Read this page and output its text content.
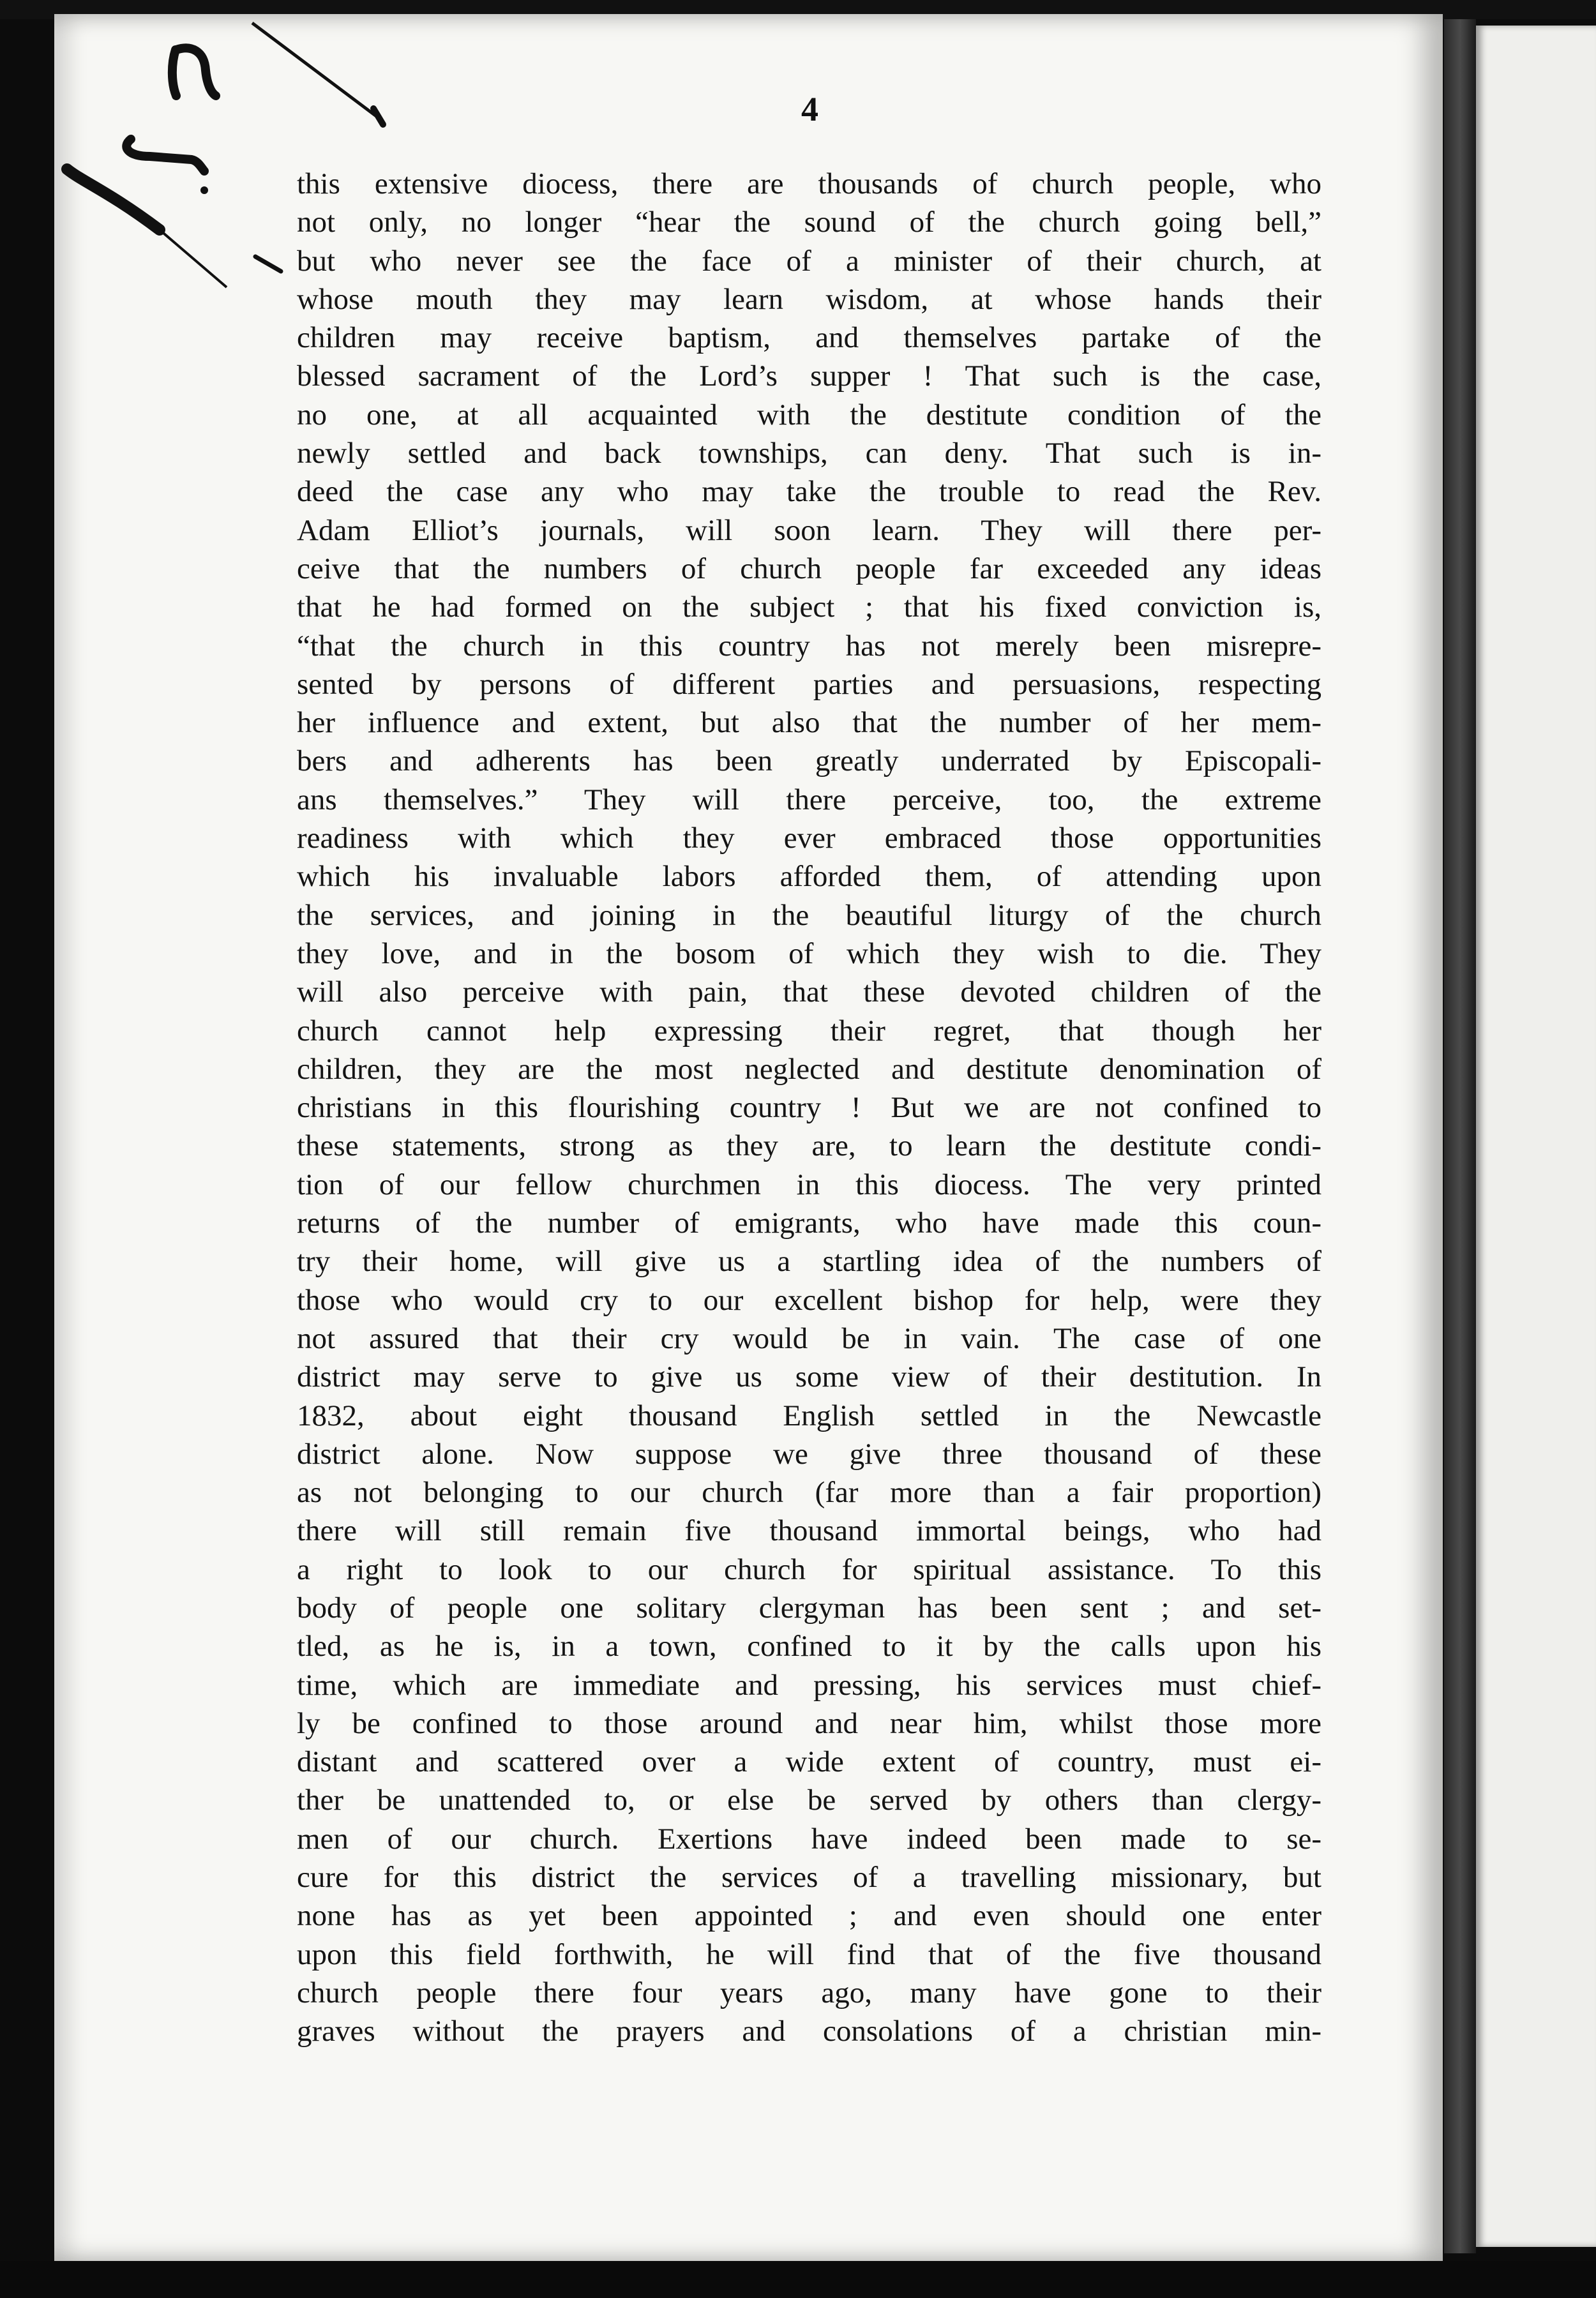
4
this extensive diocess, there are thousands of church people, who
not only, no longer “hear the sound of the church going bell,”
but who never see the face of a minister of their church, at
whose mouth they may learn wisdom, at whose hands their
children may receive baptism, and themselves partake of the
blessed sacrament of the Lord’s supper ! That such is the case,
no one, at all acquainted with the destitute condition of the
newly settled and back townships, can deny. That such is in-
deed the case any who may take the trouble to read the Rev.
Adam Elliot’s journals, will soon learn. They will there per-
ceive that the numbers of church people far exceeded any ideas
that he had formed on the subject ; that his fixed conviction is,
“that the church in this country has not merely been misrepre-
sented by persons of different parties and persuasions, respecting
her influence and extent, but also that the number of her mem-
bers and adherents has been greatly underrated by Episcopali-
ans themselves.” They will there perceive, too, the extreme
readiness with which they ever embraced those opportunities
which his invaluable labors afforded them, of attending upon
the services, and joining in the beautiful liturgy of the church
they love, and in the bosom of which they wish to die. They
will also perceive with pain, that these devoted children of the
church cannot help expressing their regret, that though her
children, they are the most neglected and destitute denomination of
christians in this flourishing country ! But we are not confined to
these statements, strong as they are, to learn the destitute condi-
tion of our fellow churchmen in this diocess. The very printed
returns of the number of emigrants, who have made this coun-
try their home, will give us a startling idea of the numbers of
those who would cry to our excellent bishop for help, were they
not assured that their cry would be in vain. The case of one
district may serve to give us some view of their destitution. In
1832, about eight thousand English settled in the Newcastle
district alone. Now suppose we give three thousand of these
as not belonging to our church (far more than a fair proportion)
there will still remain five thousand immortal beings, who had
a right to look to our church for spiritual assistance. To this
body of people one solitary clergyman has been sent ; and set-
tled, as he is, in a town, confined to it by the calls upon his
time, which are immediate and pressing, his services must chief-
ly be confined to those around and near him, whilst those more
distant and scattered over a wide extent of country, must ei-
ther be unattended to, or else be served by others than clergy-
men of our church. Exertions have indeed been made to se-
cure for this district the services of a travelling missionary, but
none has as yet been appointed ; and even should one enter
upon this field forthwith, he will find that of the five thousand
church people there four years ago, many have gone to their
graves without the prayers and consolations of a christian min-
